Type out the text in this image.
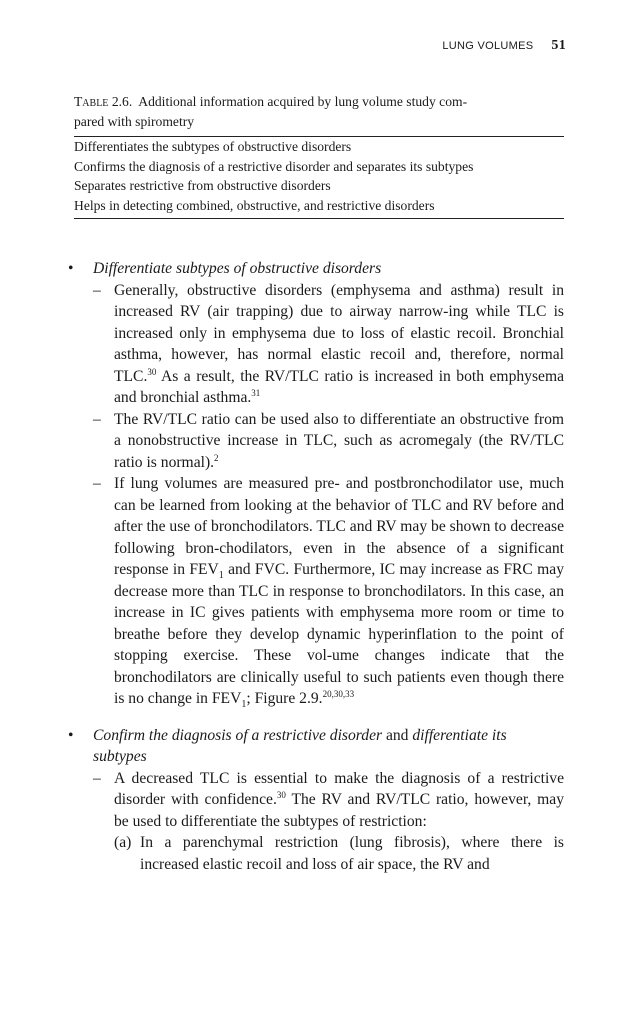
LUNG VOLUMES 51
Table 2.6. Additional information acquired by lung volume study com-
pared with spirometry
Differentiates the subtypes of obstructive disorders
Confirms the diagnosis of a restrictive disorder and separates its subtypes
Separates restrictive from obstructive disorders
Helps in detecting combined, obstructive, and restrictive disorders
• Differentiate subtypes of obstructive disorders
– Generally, obstructive disorders (emphysema and asthma) result in increased RV (air trapping) due to airway narrow-ing while TLC is increased only in emphysema due to loss of elastic recoil. Bronchial asthma, however, has normal elastic recoil and, therefore, normal TLC.$^{30}$ As a result, the RV/TLC ratio is increased in both emphysema and bronchial asthma.$^{31}$
– The RV/TLC ratio can be used also to differentiate an obstructive from a nonobstructive increase in TLC, such as acromegaly (the RV/TLC ratio is normal).$^2$
– If lung volumes are measured pre- and postbronchodilator use, much can be learned from looking at the behavior of TLC and RV before and after the use of bronchodilators. TLC and RV may be shown to decrease following bron-chodilators, even in the absence of a significant response in $FEV_1$ and FVC. Furthermore, IC may increase as FRC may decrease more than TLC in response to bronchodilators. In this case, an increase in IC gives patients with emphysema more room or time to breathe before they develop dynamic hyperinflation to the point of stopping exercise. These vol-ume changes indicate that the bronchodilators are clinically useful to such patients even though there is no change in $FEV_1$; Figure 2.9.$^{20,30,33}$
• Confirm the diagnosis of a restrictive disorder and differentiate its subtypes
– A decreased TLC is essential to make the diagnosis of a restrictive disorder with confidence.$^{30}$ The RV and RV/TLC ratio, however, may be used to differentiate the subtypes of restriction:
(a) In a parenchymal restriction (lung fibrosis), where there is increased elastic recoil and loss of air space, the RV and
